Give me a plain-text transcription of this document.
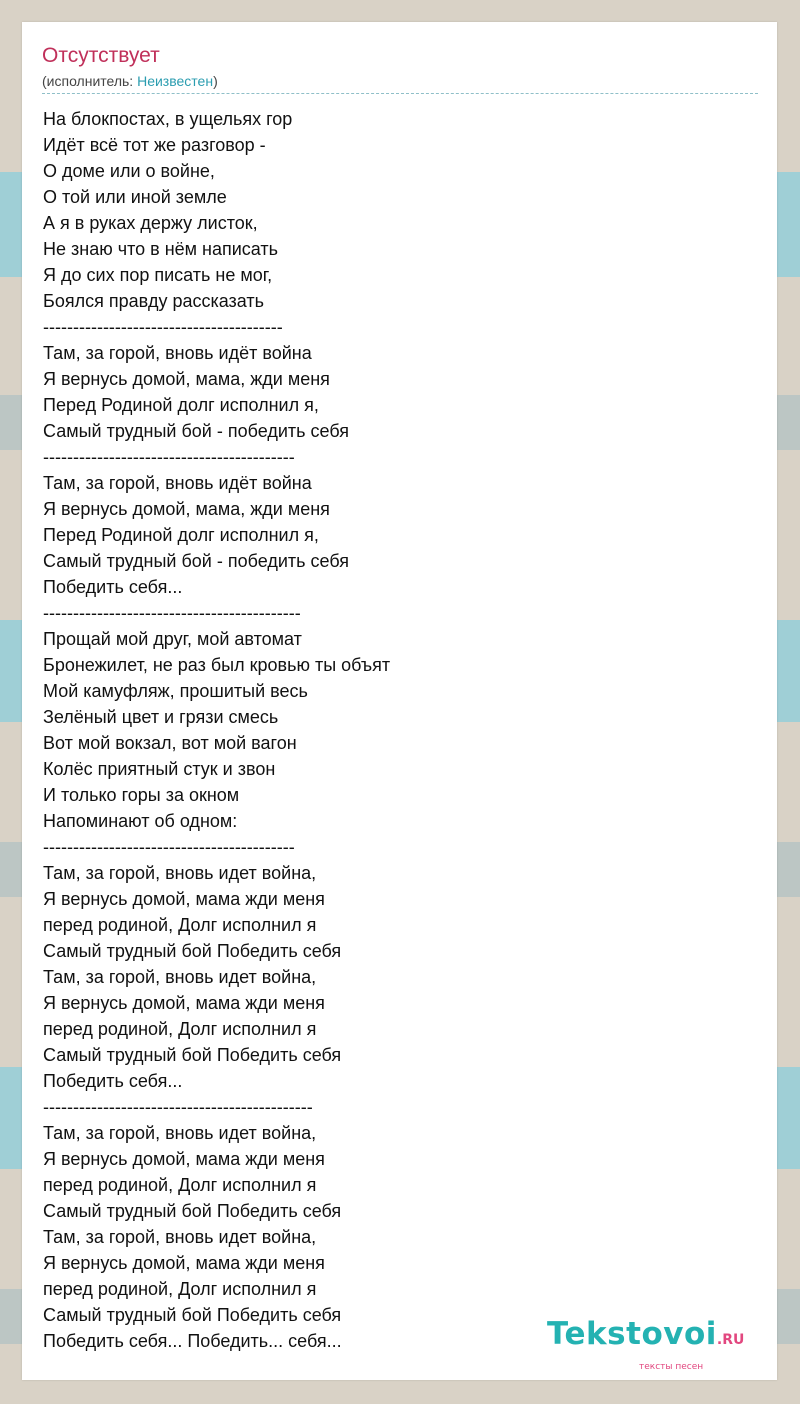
Отсутствует
(исполнитель: Неизвестен)
На блокпостах, в ущельях гор
Идёт всё тот же разговор -
О доме или о войне,
О той или иной земле
А я в руках держу листок,
Не знаю что в нём написать
Я до сих пор писать не мог,
Боялся правду рассказать
----------------------------------------
Там, за горой, вновь идёт война
Я вернусь домой, мама, жди меня
Перед Родиной долг исполнил я,
Самый трудный бой - победить себя
------------------------------------------
Там, за горой, вновь идёт война
Я вернусь домой, мама, жди меня
Перед Родиной долг исполнил я,
Самый трудный бой - победить себя
Победить себя...
-------------------------------------------
Прощай мой друг, мой автомат
Бронежилет, не раз был кровью ты объят
Мой камуфляж, прошитый весь
Зелёный цвет и грязи смесь
Вот мой вокзал, вот мой вагон
Колёс приятный стук и звон
И только горы за окном
Напоминают об одном:
------------------------------------------
Там, за горой, вновь идет война,
Я вернусь домой, мама жди меня
перед родиной, Долг исполнил я
Самый трудный бой Победить себя
Там, за горой, вновь идет война,
Я вернусь домой, мама жди меня
перед родиной, Долг исполнил я
Самый трудный бой Победить себя
Победить себя...
---------------------------------------------
Там, за горой, вновь идет война,
Я вернусь домой, мама жди меня
перед родиной, Долг исполнил я
Самый трудный бой Победить себя
Там, за горой, вновь идет война,
Я вернусь домой, мама жди меня
перед родиной, Долг исполнил я
Самый трудный бой Победить себя
Победить себя... Победить... себя...	Tekstovoi.RU
тексты песен
